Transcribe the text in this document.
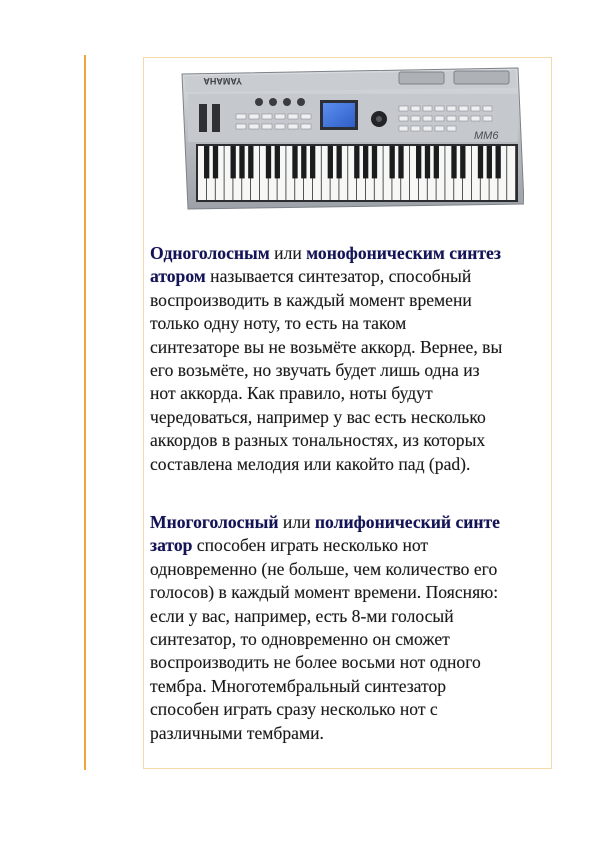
YAMAHA
MM6
Одноголосным или монофоническим синтез
атором называется синтезатор, способный
воспроизводить в каждый момент времени
только одну ноту, то есть на таком
синтезаторе вы не возьмёте аккорд. Вернее, вы
его возьмёте, но звучать будет лишь одна из
нот аккорда. Как правило, ноты будут
чередоваться, например у вас есть несколько
аккордов в разных тональностях, из которых
составлена мелодия или какойто пад (pad).
Многоголосный или полифонический синте
затор способен играть несколько нот
одновременно (не больше, чем количество его
голосов) в каждый момент времени. Поясняю:
если у вас, например, есть 8-ми голосый
синтезатор, то одновременно он сможет
воспроизводить не более восьми нот одного
тембра. Многотембральный синтезатор
способен играть сразу несколько нот с
различными тембрами.
